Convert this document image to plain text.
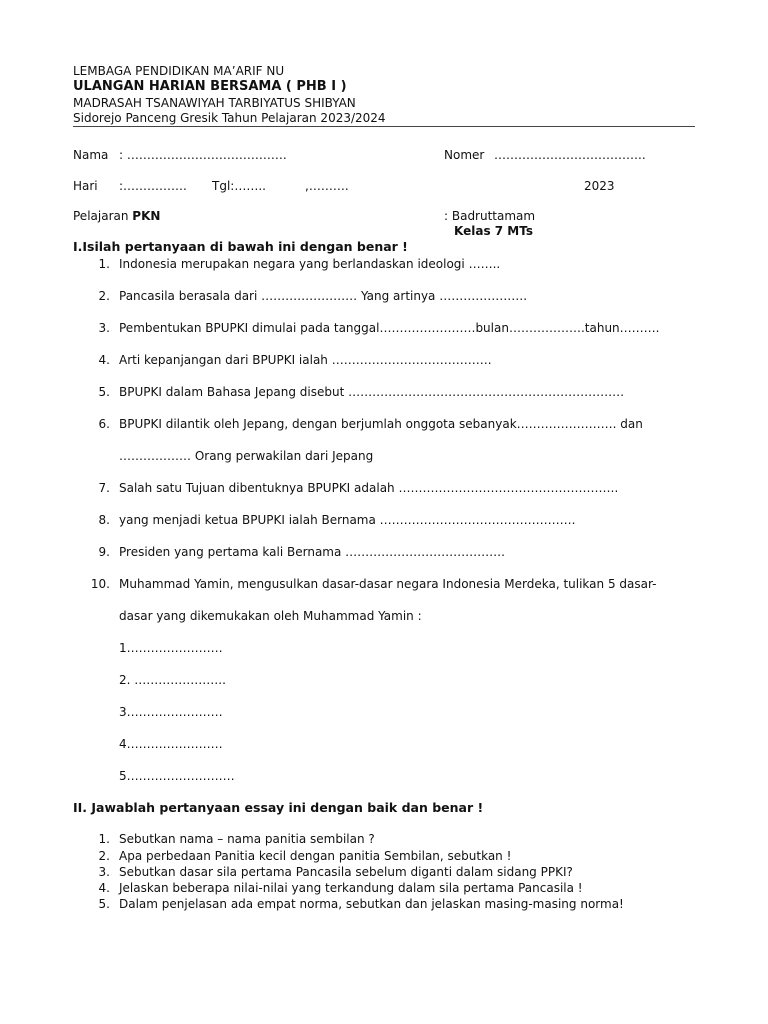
LEMBAGA PENDIDIKAN MA’ARIF NU
ULANGAN HARIAN BERSAMA ( PHB I )
MADRASAH TSANAWIYAH TARBIYATUS SHIBYAN
Sidorejo Panceng Gresik Tahun Pelajaran 2023/2024
Nama : ………………………………….	Nomer ………………………………..
Hari :……………. Tgl:……..	,……….	2023
Pelajaran PKN	: Badruttamam
Kelas 7 MTs
I.Isilah pertanyaan di bawah ini dengan benar !
1. Indonesia merupakan negara yang berlandaskan ideologi ……..
2. Pancasila berasala dari …………………… Yang artinya ………………….
3. Pembentukan BPUPKI dimulai pada tanggal……………………bulan……………….tahun……….
4. Arti kepanjangan dari BPUPKI ialah ………………………………….
5. BPUPKI dalam Bahasa Jepang disebut ……………………………………………………………
6. BPUPKI dilantik oleh Jepang, dengan berjumlah onggota sebanyak……………………. dan
……………… Orang perwakilan dari Jepang
7. Salah satu Tujuan dibentuknya BPUPKI adalah ……………………………………………….
8. yang menjadi ketua BPUPKI ialah Bernama ………………………………………….
9. Presiden yang pertama kali Bernama ………………………………….
10. Muhammad Yamin, mengusulkan dasar-dasar negara Indonesia Merdeka, tulikan 5 dasar-
dasar yang dikemukakan oleh Muhammad Yamin :
1……………………
2. …………………..
3……………………
4……………………
5………………………
II. Jawablah pertanyaan essay ini dengan baik dan benar !
1. Sebutkan nama – nama panitia sembilan ?
2. Apa perbedaan Panitia kecil dengan panitia Sembilan, sebutkan !
3. Sebutkan dasar sila pertama Pancasila sebelum diganti dalam sidang PPKI?
4. Jelaskan beberapa nilai-nilai yang terkandung dalam sila pertama Pancasila !
5. Dalam penjelasan ada empat norma, sebutkan dan jelaskan masing-masing norma!
